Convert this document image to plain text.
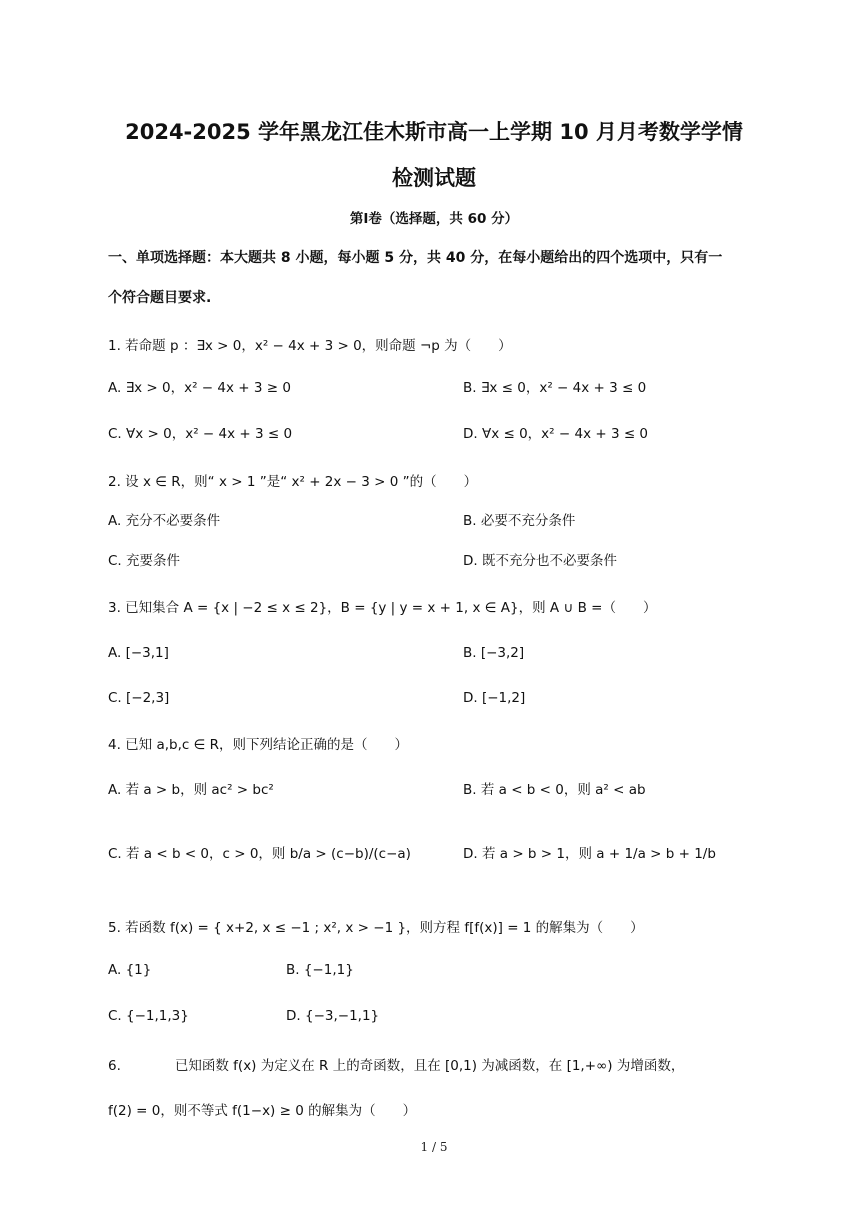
2024-2025 学年黑龙江佳木斯市高一上学期 10 月月考数学学情
检测试题
第Ⅰ卷（选择题，共 60 分）
一、单项选择题：本大题共 8 小题，每小题 5 分，共 40 分，在每小题给出的四个选项中，只有一
个符合题目要求.
1. 若命题 p ：∃x > 0，x² − 4x + 3 > 0，则命题 ¬p 为（　　）
A. ∃x > 0，x² − 4x + 3 ≥ 0	B. ∃x ≤ 0，x² − 4x + 3 ≤ 0
C. ∀x > 0，x² − 4x + 3 ≤ 0	D. ∀x ≤ 0，x² − 4x + 3 ≤ 0
2. 设 x ∈ R，则“ x > 1 ”是“ x² + 2x − 3 > 0 ”的（　　）
A. 充分不必要条件	B. 必要不充分条件
C. 充要条件	D. 既不充分也不必要条件
3. 已知集合 A = {x | −2 ≤ x ≤ 2}，B = {y | y = x + 1, x ∈ A}，则 A ∪ B =（　　）
A. [−3,1]	B. [−3,2]
C. [−2,3]	D. [−1,2]
4. 已知 a,b,c ∈ R，则下列结论正确的是（　　）
A. 若 a > b，则 ac² > bc²	B. 若 a < b < 0，则 a² < ab
C. 若 a < b < 0，c > 0，则 b/a > (c−b)/(c−a)	D. 若 a > b > 1，则 a + 1/a > b + 1/b
5. 若函数 f(x) = { x+2, x ≤ −1 ; x², x > −1 }，则方程 f[f(x)] = 1 的解集为（　　）
A. {1}	B. {−1,1}
C. {−1,1,3}	D. {−3,−1,1}
6.　　　　已知函数 f(x) 为定义在 R 上的奇函数，且在 [0,1) 为减函数，在 [1,+∞) 为增函数，
f(2) = 0，则不等式 f(1−x) ≥ 0 的解集为（　　）
1 / 5
